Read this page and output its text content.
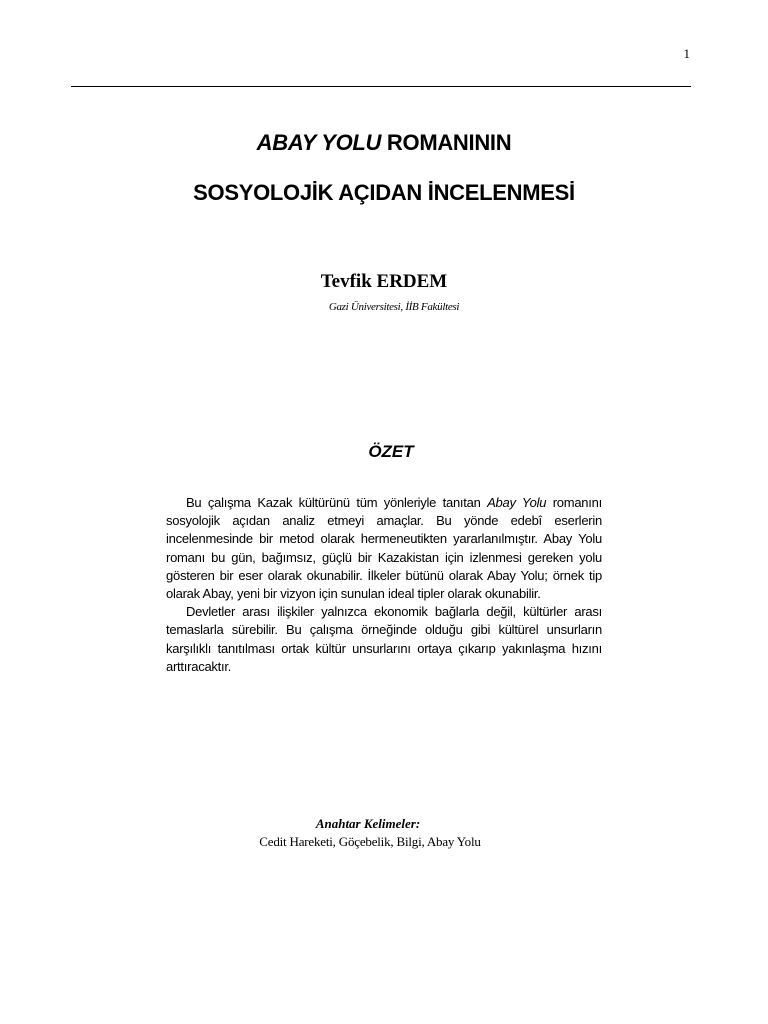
1
ABAY YOLU ROMANININ
SOSYOLOJİK AÇIDAN İNCELENMESİ
Tevfik ERDEM
Gazi Üniversitesi, İİB Fakültesi
ÖZET

Bu çalışma Kazak kültürünü tüm yönleriyle tanıtan Abay Yolu romanını sosyolojik açıdan analiz etmeyi amaçlar. Bu yönde edebî eserlerin incelenmesinde bir metod olarak hermeneutikten yararlanılmıştır. Abay Yolu romanı bu gün, bağımsız, güçlü bir Kazakistan için izlenmesi gereken yolu gösteren bir eser olarak okunabilir. İlkeler bütünü olarak Abay Yolu; örnek tip olarak Abay, yeni bir vizyon için sunulan ideal tipler olarak okunabilir.

Devletler arası ilişkiler yalnızca ekonomik bağlarla değil, kültürler arası temaslarla sürebilir. Bu çalışma örneğinde olduğu gibi kültürel unsurların karşılıklı tanıtılması ortak kültür unsurlarını ortaya çıkarıp yakınlaşma hızını arttıracaktır.

Anahtar Kelimeler:
Cedit Hareketi, Göçebelik, Bilgi, Abay Yolu
